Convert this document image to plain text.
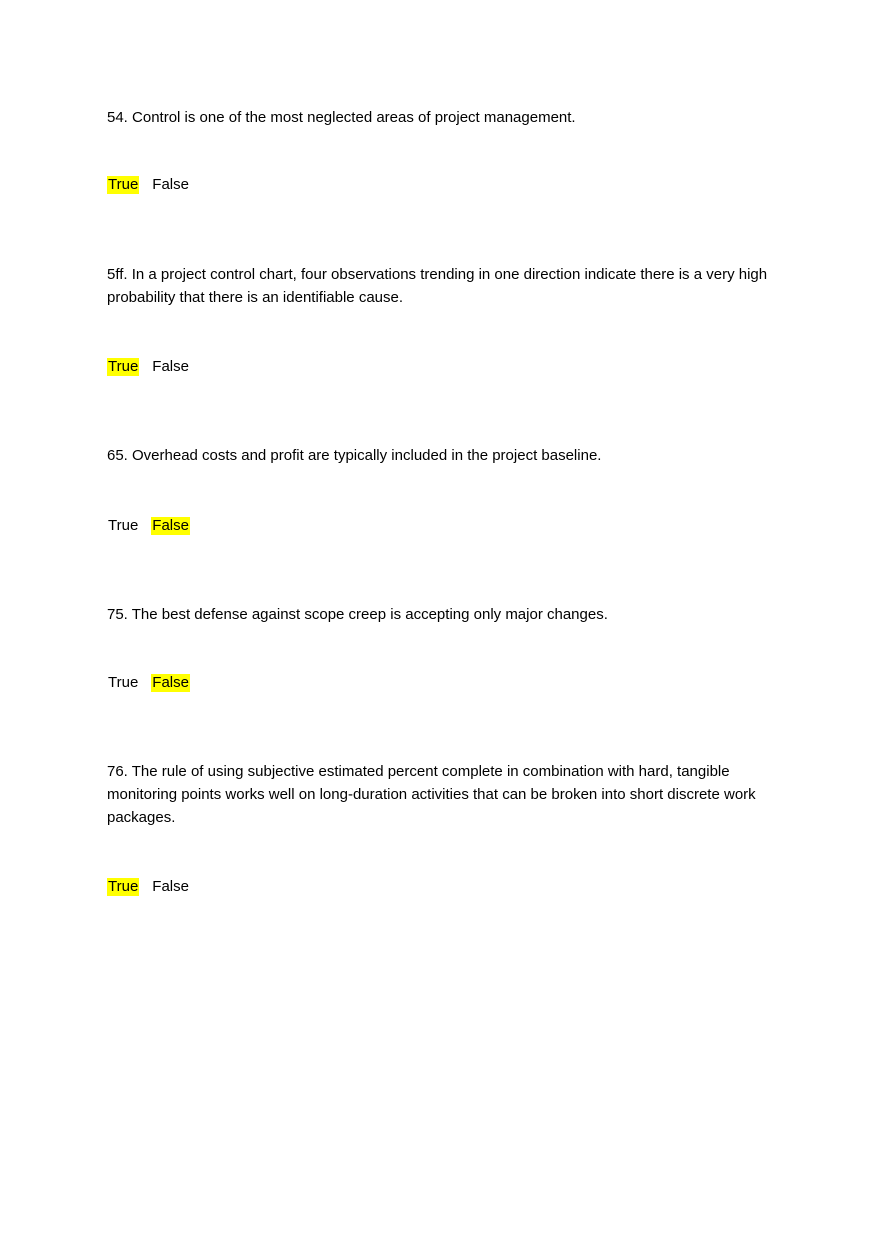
54. Control is one of the most neglected areas of project management.
True False
5ff. In a project control chart, four observations trending in one direction indicate there is a very high probability that there is an identifiable cause.
True False
65. Overhead costs and profit are typically included in the project baseline.
True False
75. The best defense against scope creep is accepting only major changes.
True False
76. The rule of using subjective estimated percent complete in combination with hard, tangible monitoring points works well on long-duration activities that can be broken into short discrete work packages.
True False
